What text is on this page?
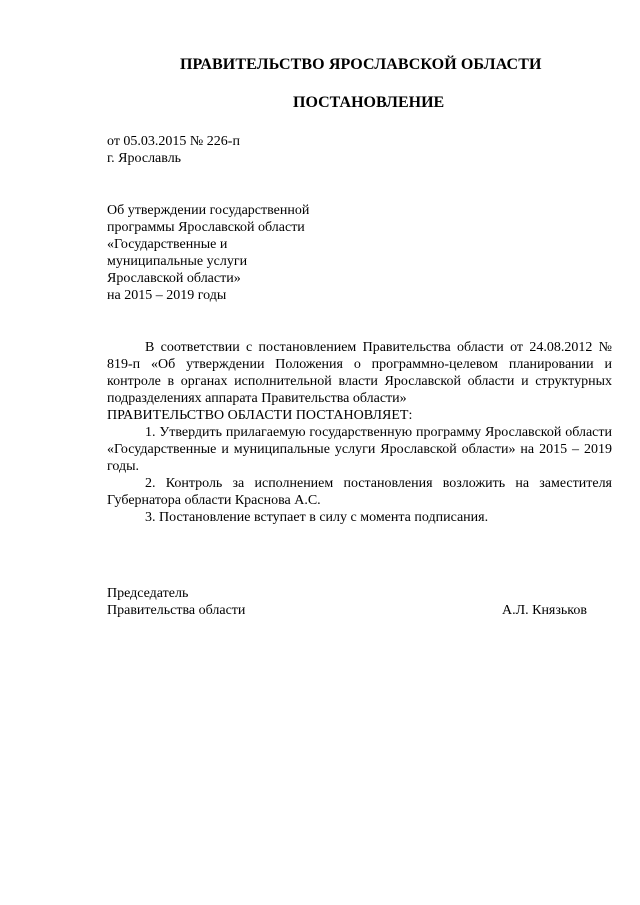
ПРАВИТЕЛЬСТВО ЯРОСЛАВСКОЙ ОБЛАСТИ
ПОСТАНОВЛЕНИЕ
от 05.03.2015 № 226-п
г. Ярославль
Об утверждении государственной
программы Ярославской области
«Государственные и
муниципальные услуги
Ярославской области»
на 2015 – 2019 годы

В соответствии с постановлением Правительства области от 24.08.2012 № 819-п «Об утверждении Положения о программно-целевом планировании и контроле в органах исполнительной власти Ярославской области и структурных подразделениях аппарата Правительства области»

ПРАВИТЕЛЬСТВО ОБЛАСТИ ПОСТАНОВЛЯЕТ:

1. Утвердить прилагаемую государственную программу Ярославской области «Государственные и муниципальные услуги Ярославской области» на 2015 – 2019 годы.

2. Контроль за исполнением постановления возложить на заместителя Губернатора области Краснова А.С.

3. Постановление вступает в силу с момента подписания.

Председатель
Правительства области	А.Л. Князьков
